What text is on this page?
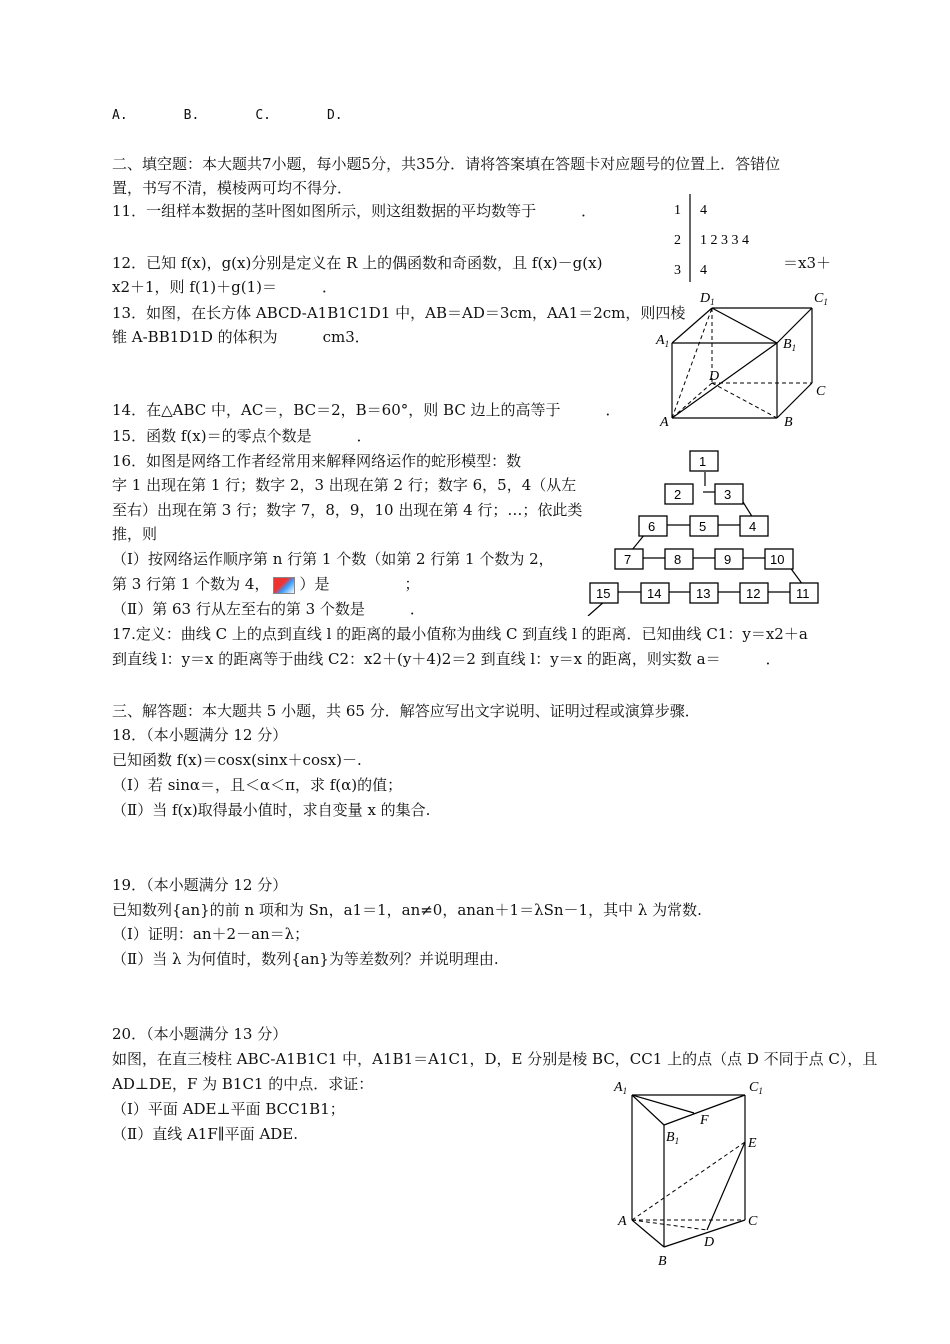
A.	B.	C.	D.
二、填空题：本大题共7小题，每小题5分，共35分．请将答案填在答题卡对应题号的位置上．答错位
置，书写不清，模棱两可均不得分．
11．一组样本数据的茎叶图如图所示，则这组数据的平均数等于　　　．	1 4
2 1 2 3 3 4
3 4
12．已知 f(x)，g(x)分别是定义在 R 上的偶函数和奇函数，且 f(x)－g(x)	＝x3＋
x2＋1，则 f(1)＋g(1)＝　　　．
13．如图，在长方体 ABCD-A1B1C1D1 中，AB＝AD＝3cm，AA1＝2cm，则四棱
锥 A-BB1D1D 的体积为　　　cm3．
$D_1$	$C_1$
$A_1$	$B_1$
D
C
A	B
14．在△ABC 中，AC＝，BC＝2，B＝60°，则 BC 边上的高等于　　　．
15．函数 f(x)＝的零点个数是　　　．
16．如图是网络工作者经常用来解释网络运作的蛇形模型：数
字 1 出现在第 1 行；数字 2，3 出现在第 2 行；数字 6，5，4（从左
至右）出现在第 3 行；数字 7，8，9，10 出现在第 4 行；…；依此类
推，则
（Ⅰ）按网络运作顺序第 n 行第 1 个数（如第 2 行第 1 个数为 2，
第 3 行第 1 个数为 4， ）是　　　　　；
（Ⅱ）第 63 行从左至右的第 3 个数是　　　．
1
2	3
6	5	4
7	8	9	10
15	14	13	12	11
17.定义：曲线 C 上的点到直线 l 的距离的最小值称为曲线 C 到直线 l 的距离．已知曲线 C1：y＝x2＋a
到直线 l：y＝x 的距离等于曲线 C2：x2＋(y＋4)2＝2 到直线 l：y＝x 的距离，则实数 a＝　　　．
三、解答题：本大题共 5 小题，共 65 分．解答应写出文字说明、证明过程或演算步骤．
18．（本小题满分 12 分）
已知函数 f(x)＝cosx(sinx＋cosx)－.
（Ⅰ）若 sinα＝，且＜α＜π，求 f(α)的值；
（Ⅱ）当 f(x)取得最小值时，求自变量 x 的集合.
19．（本小题满分 12 分）
已知数列{an}的前 n 项和为 Sn，a1＝1，an≠0，anan＋1＝λSn－1，其中 λ 为常数.
（Ⅰ）证明：an＋2－an＝λ；
（Ⅱ）当 λ 为何值时，数列{an}为等差数列？并说明理由.
20．（本小题满分 13 分）
如图，在直三棱柱 ABC-A1B1C1 中，A1B1＝A1C1，D，E 分别是棱 BC，CC1 上的点（点 D 不同于点 C），且
AD⊥DE，F 为 B1C1 的中点．求证：
（Ⅰ）平面 ADE⊥平面 BCC1B1；
（Ⅱ）直线 A1F∥平面 ADE.
$A_1$	$C_1$
F
$B_1$	E
A	C
D
B
